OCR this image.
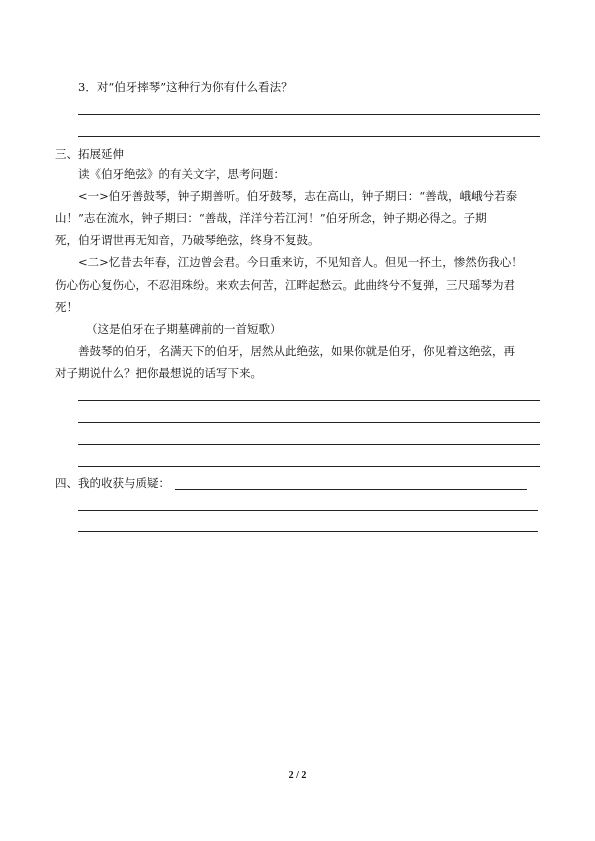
3．对“伯牙摔琴”这种行为你有什么看法？
三、拓展延伸
读《伯牙绝弦》的有关文字，思考问题：
<一>伯牙善鼓琴，钟子期善听。伯牙鼓琴，志在高山，钟子期曰：“善哉，峨峨兮若泰
山！”志在流水，钟子期曰：“善哉，洋洋兮若江河！”伯牙所念，钟子期必得之。子期
死，伯牙谓世再无知音，乃破琴绝弦，终身不复鼓。
<二>忆昔去年春，江边曾会君。今日重来访，不见知音人。但见一抔土，惨然伤我心！
伤心伤心复伤心，不忍泪珠纷。来欢去何苦，江畔起愁云。此曲终兮不复弹，三尺瑶琴为君
死！
（这是伯牙在子期墓碑前的一首短歌）
善鼓琴的伯牙，名满天下的伯牙，居然从此绝弦，如果你就是伯牙，你见着这绝弦，再
对子期说什么？把你最想说的话写下来。
四、我的收获与质疑：
2 / 2
